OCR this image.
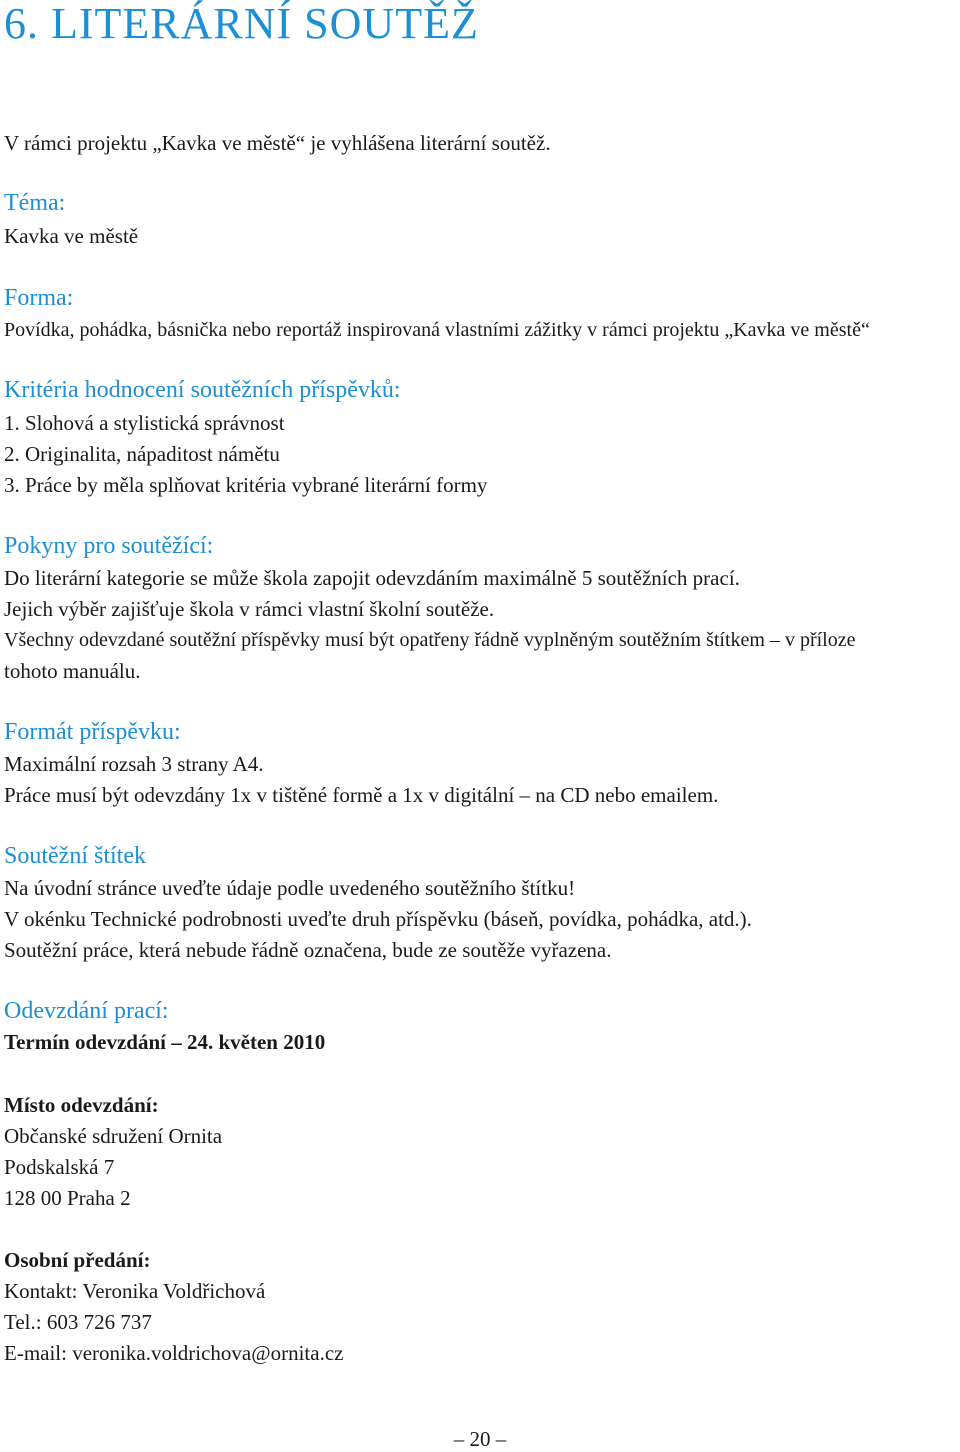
6. LITERÁRNÍ SOUTĚŽ
V rámci projektu „Kavka ve městě“ je vyhlášena literární soutěž.
Téma:
Kavka ve městě
Forma:
Povídka, pohádka, básnička nebo reportáž inspirovaná vlastními zážitky v rámci projektu „Kavka ve městě“
Kritéria hodnocení soutěžních příspěvků:
1. Slohová a stylistická správnost
2. Originalita, nápaditost námětu
3. Práce by měla splňovat kritéria vybrané literární formy
Pokyny pro soutěžící:
Do literární kategorie se může škola zapojit odevzdáním maximálně 5 soutěžních prací.
Jejich výběr zajišťuje škola v rámci vlastní školní soutěže.
Všechny odevzdané soutěžní příspěvky musí být opatřeny řádně vyplněným soutěžním štítkem – v příloze
tohoto manuálu.
Formát příspěvku:
Maximální rozsah 3 strany A4.
Práce musí být odevzdány 1x v tištěné formě a 1x v digitální – na CD nebo emailem.
Soutěžní štítek
Na úvodní stránce uveďte údaje podle uvedeného soutěžního štítku!
V okénku Technické podrobnosti uveďte druh příspěvku (báseň, povídka, pohádka, atd.).
Soutěžní práce, která nebude řádně označena, bude ze soutěže vyřazena.
Odevzdání prací:
Termín odevzdání – 24. květen 2010
Místo odevzdání:
Občanské sdružení Ornita
Podskalská 7
128 00 Praha 2
Osobní předání:
Kontakt: Veronika Voldřichová
Tel.: 603 726 737
E-mail: veronika.voldrichova@ornita.cz
– 20 –
